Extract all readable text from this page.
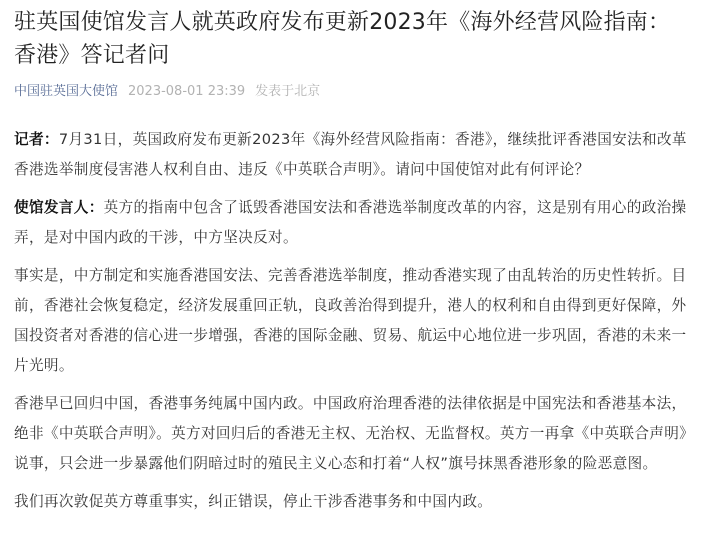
驻英国使馆发言人就英政府发布更新2023年《海外经营风险指南：香港》答记者问
中国驻英国大使馆 2023-08-01 23:39 发表于北京

记者：7月31日，英国政府发布更新2023年《海外经营风险指南：香港》，继续批评香港国安法和改革香港选举制度侵害港人权利自由、违反《中英联合声明》。请问中国使馆对此有何评论？

使馆发言人：英方的指南中包含了诋毁香港国安法和香港选举制度改革的内容，这是别有用心的政治操弄，是对中国内政的干涉，中方坚决反对。

事实是，中方制定和实施香港国安法、完善香港选举制度，推动香港实现了由乱转治的历史性转折。目前，香港社会恢复稳定，经济发展重回正轨，良政善治得到提升，港人的权利和自由得到更好保障，外国投资者对香港的信心进一步增强，香港的国际金融、贸易、航运中心地位进一步巩固，香港的未来一片光明。

香港早已回归中国，香港事务纯属中国内政。中国政府治理香港的法律依据是中国宪法和香港基本法，绝非《中英联合声明》。英方对回归后的香港无主权、无治权、无监督权。英方一再拿《中英联合声明》说事，只会进一步暴露他们阴暗过时的殖民主义心态和打着“人权”旗号抹黑香港形象的险恶意图。

我们再次敦促英方尊重事实，纠正错误，停止干涉香港事务和中国内政。
